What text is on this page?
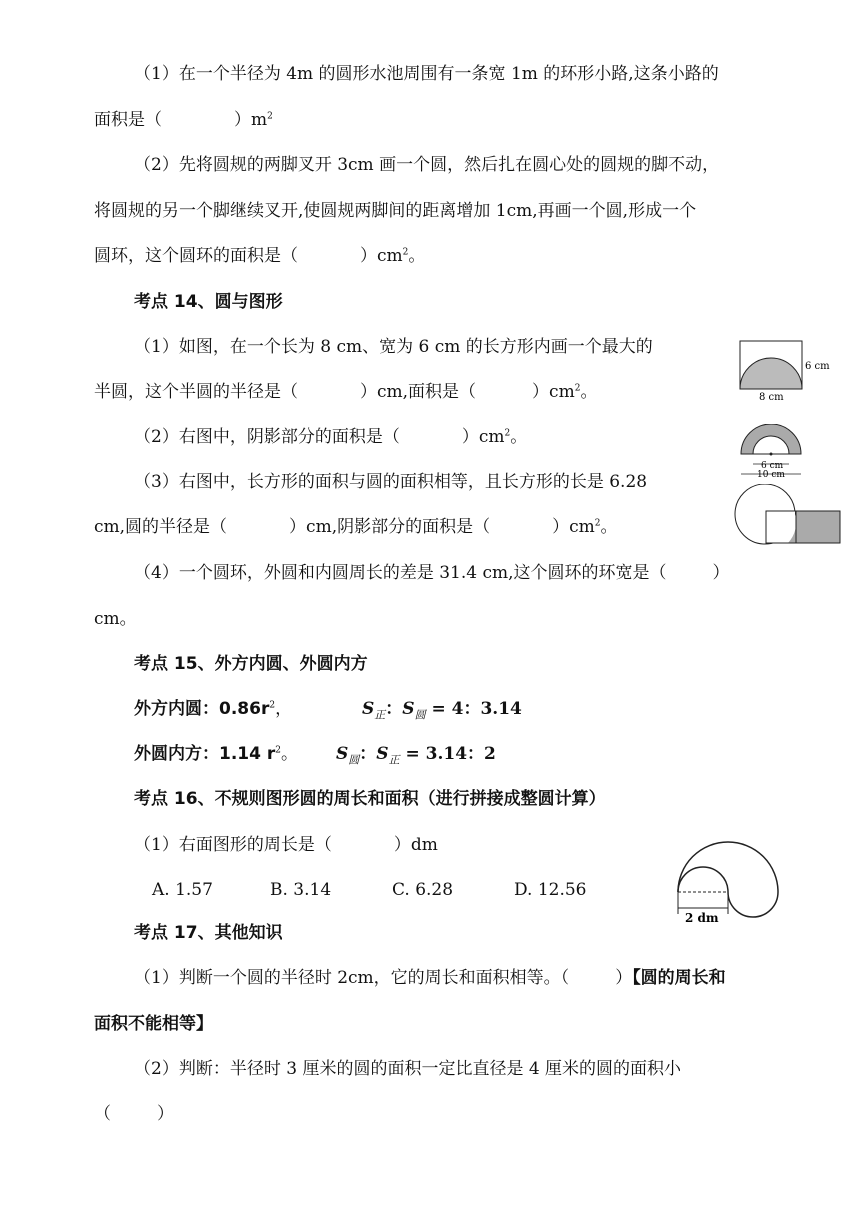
（1）在一个半径为 4m 的圆形水池周围有一条宽 1m 的环形小路,这条小路的
面积是（	）$m^2$
（2）先将圆规的两脚叉开 3cm 画一个圆，然后扎在圆心处的圆规的脚不动，
将圆规的另一个脚继续叉开,使圆规两脚间的距离增加 1cm,再画一个圆,形成一个
圆环，这个圆环的面积是（	）$cm^2$。
考点 14、圆与图形
（1）如图，在一个长为 8 cm、宽为 6 cm 的长方形内画一个最大的
半圆，这个半圆的半径是（	）cm,面积是（	）$cm^2$。
（2）右图中，阴影部分的面积是（	）$cm^2$。
（3）右图中，长方形的面积与圆的面积相等，且长方形的长是 6.28
cm,圆的半径是（	）cm,阴影部分的面积是（	）$cm^2$。
（4）一个圆环，外圆和内圆周长的差是 31.4 cm,这个圆环的环宽是（	）
cm。
6 cm
8 cm
6 cm
10 cm
考点 15、外方内圆、外圆内方
外方内圆：$0.86r^2$，	$S_正$：$S_圆 = 4$：3.14
外圆内方：1.14 $r^2$。 $S_圆$：$S_正 = 3.14$：2
考点 16、不规则图形圆的周长和面积（进行拼接成整圆计算）
（1）右面图形的周长是（	）dm
A. 1.57	B. 3.14	C. 6.28	D. 12.56
2 dm
考点 17、其他知识
（1）判断一个圆的半径时 2cm，它的周长和面积相等。（	）【圆的周长和
面积不能相等】
（2）判断：半径时 3 厘米的圆的面积一定比直径是 4 厘米的圆的面积小
（	）
